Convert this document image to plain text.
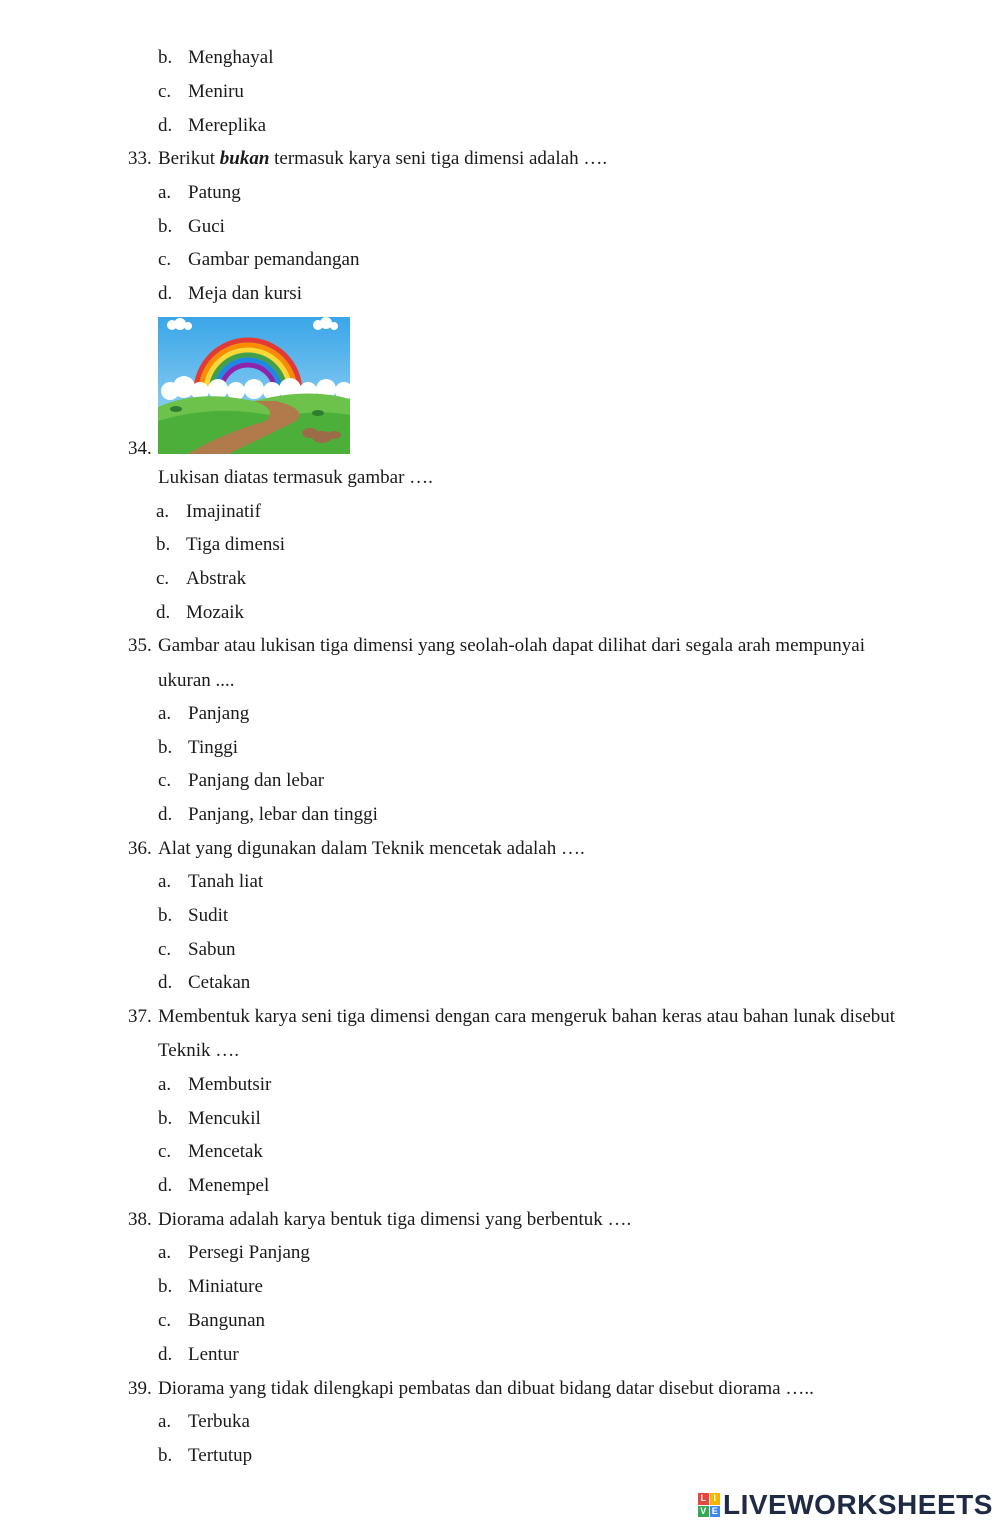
b. Menghayal
c. Meniru
d. Mereplika
33. Berikut bukan termasuk karya seni tiga dimensi adalah ….
a. Patung
b. Guci
c. Gambar pemandangan
d. Meja dan kursi
34.
Lukisan diatas termasuk gambar ….
a. Imajinatif
b. Tiga dimensi
c. Abstrak
d. Mozaik
35. Gambar atau lukisan tiga dimensi yang seolah-olah dapat dilihat dari segala arah mempunyai
ukuran ....
a. Panjang
b. Tinggi
c. Panjang dan lebar
d. Panjang, lebar dan tinggi
36. Alat yang digunakan dalam Teknik mencetak adalah ….
a. Tanah liat
b. Sudit
c. Sabun
d. Cetakan
37. Membentuk karya seni tiga dimensi dengan cara mengeruk bahan keras atau bahan lunak disebut
Teknik ….
a. Membutsir
b. Mencukil
c. Mencetak
d. Menempel
38. Diorama adalah karya bentuk tiga dimensi yang berbentuk ….
a. Persegi Panjang
b. Miniature
c. Bangunan
d. Lentur
39. Diorama yang tidak dilengkapi pembatas dan dibuat bidang datar disebut diorama …..
a. Terbuka
b. Tertutup
L I
V E LIVEWORKSHEETS
